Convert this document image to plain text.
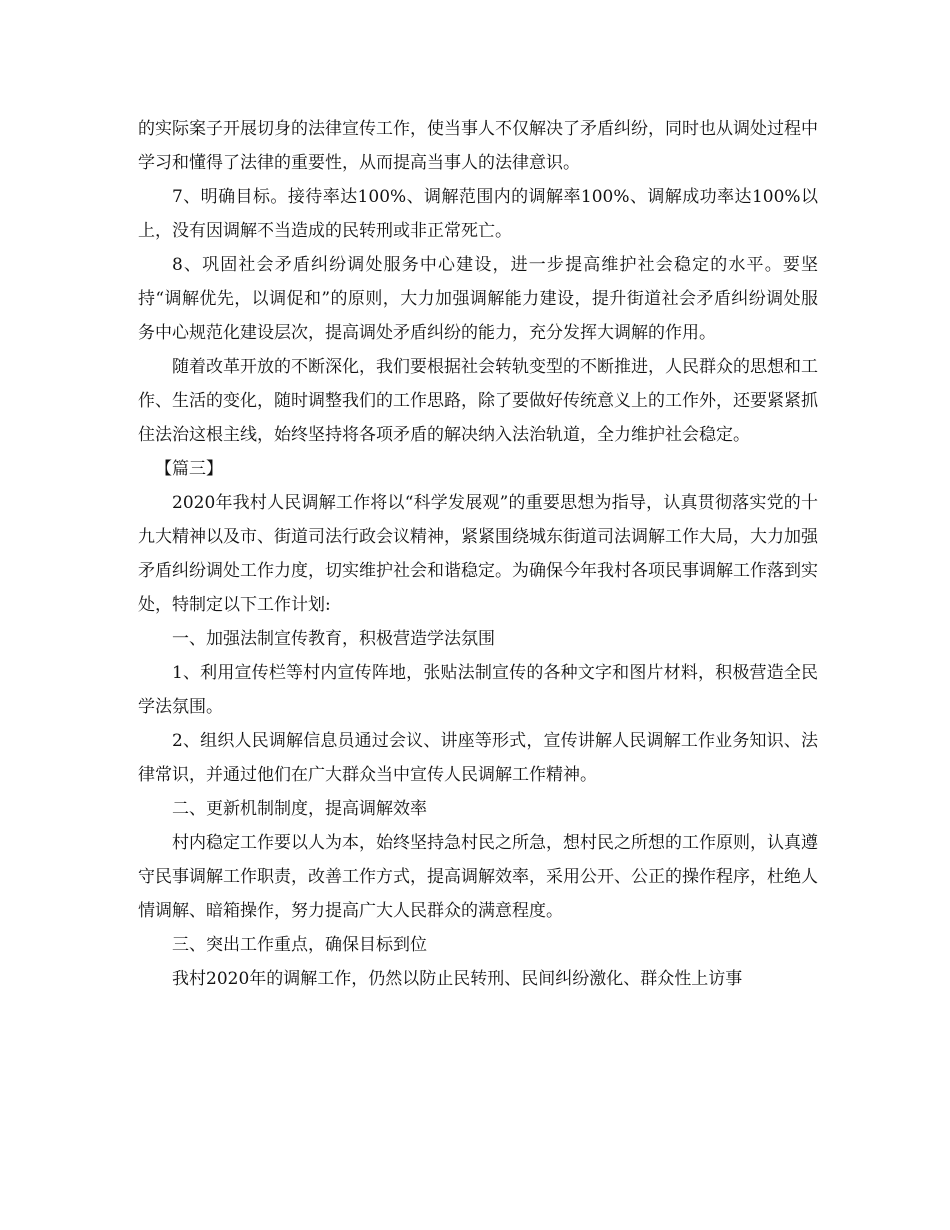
的实际案子开展切身的法律宣传工作，使当事人不仅解决了矛盾纠纷，同时也从调处过程中学习和懂得了法律的重要性，从而提高当事人的法律意识。

7、明确目标。接待率达100%、调解范围内的调解率100%、调解成功率达100%以上，没有因调解不当造成的民转刑或非正常死亡。

8、巩固社会矛盾纠纷调处服务中心建设，进一步提高维护社会稳定的水平。要坚持“调解优先，以调促和”的原则，大力加强调解能力建设，提升街道社会矛盾纠纷调处服务中心规范化建设层次，提高调处矛盾纠纷的能力，充分发挥大调解的作用。

随着改革开放的不断深化，我们要根据社会转轨变型的不断推进，人民群众的思想和工作、生活的变化，随时调整我们的工作思路，除了要做好传统意义上的工作外，还要紧紧抓住法治这根主线，始终坚持将各项矛盾的解决纳入法治轨道，全力维护社会稳定。

【篇三】

2020年我村人民调解工作将以“科学发展观”的重要思想为指导，认真贯彻落实党的十九大精神以及市、街道司法行政会议精神，紧紧围绕城东街道司法调解工作大局，大力加强矛盾纠纷调处工作力度，切实维护社会和谐稳定。为确保今年我村各项民事调解工作落到实处，特制定以下工作计划:

一、加强法制宣传教育，积极营造学法氛围

1、利用宣传栏等村内宣传阵地，张贴法制宣传的各种文字和图片材料，积极营造全民学法氛围。

2、组织人民调解信息员通过会议、讲座等形式，宣传讲解人民调解工作业务知识、法律常识，并通过他们在广大群众当中宣传人民调解工作精神。

二、更新机制制度，提高调解效率

村内稳定工作要以人为本，始终坚持急村民之所急，想村民之所想的工作原则，认真遵守民事调解工作职责，改善工作方式，提高调解效率，采用公开、公正的操作程序，杜绝人情调解、暗箱操作，努力提高广大人民群众的满意程度。

三、突出工作重点，确保目标到位

我村2020年的调解工作，仍然以防止民转刑、民间纠纷激化、群众性上访事
